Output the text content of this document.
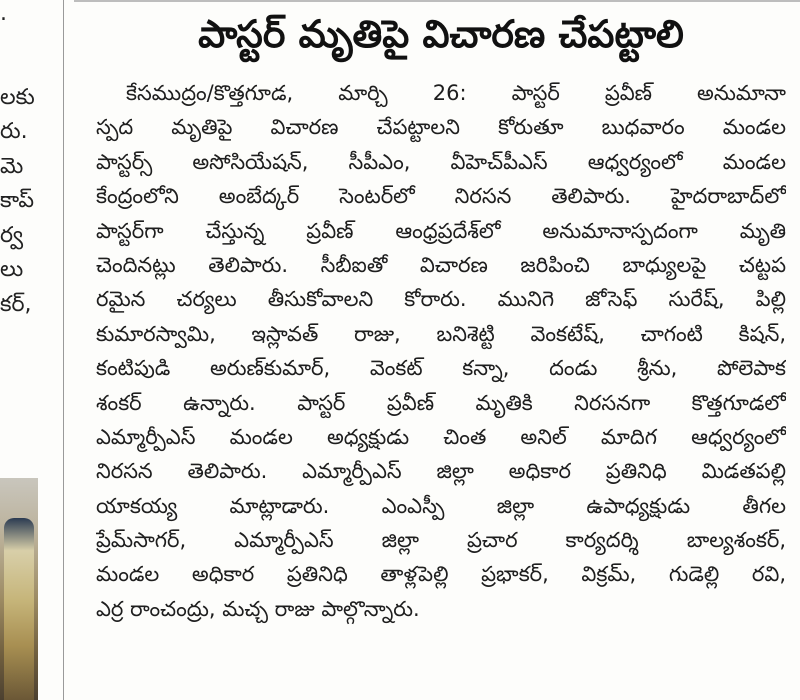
.
లకు
రు.
మె
కాప్
ర్వ
లు
కర్,
పాస్టర్ మృతిపై విచారణ చేపట్టాలి
కేసముద్రం/కొత్తగూడ, మార్చి 26: పాస్టర్ ప్రవీణ్ అనుమానా
స్పద మృతిపై విచారణ చేపట్టాలని కోరుతూ బుధవారం మండల
పాస్టర్స్ అసోసియేషన్, సీపీఎం, వీహెచ్‌పీఎస్ ఆధ్వర్యంలో మండల
కేంద్రంలోని అంబేద్కర్ సెంటర్‌లో నిరసన తెలిపారు. హైదరాబాద్‌లో
పాస్టర్‌గా చేస్తున్న ప్రవీణ్ ఆంధ్రప్రదేశ్‌లో అనుమానాస్పదంగా మృతి
చెందినట్లు తెలిపారు. సీబీఐతో విచారణ జరిపించి బాధ్యులపై చట్టప
రమైన చర్యలు తీసుకోవాలని కోరారు. మునిగె జోసెఫ్ సురేష్, పిల్లి
కుమారస్వామి, ఇస్లావత్ రాజు, బనిశెట్టి వెంకటేష్, చాగంటి కిషన్,
కంటిపుడి అరుణ్‌కుమార్, వెంకట్ కన్నా, దండు శ్రీను, పోలెపాక
శంకర్ ఉన్నారు. పాస్టర్ ప్రవీణ్ మృతికి నిరసనగా కొత్తగూడలో
ఎమ్మార్పీఎస్ మండల అధ్యక్షుడు చింత అనిల్ మాదిగ ఆధ్వర్యంలో
నిరసన తెలిపారు. ఎమ్మార్పీఎస్ జిల్లా అధికార ప్రతినిధి మిడతపల్లి
యాకయ్య మాట్లాడారు. ఎంఎస్పీ జిల్లా ఉపాధ్యక్షుడు తీగల
ప్రేమ్‌సాగర్, ఎమ్మార్పీఎస్ జిల్లా ప్రచార కార్యదర్శి బాల్యశంకర్,
మండల అధికార ప్రతినిధి తాళ్లపెల్లి ప్రభాకర్, విక్రమ్, గుడెల్లి రవి,
ఎర్ర రాంచంద్రు, మచ్చ రాజు పాల్గొన్నారు.
